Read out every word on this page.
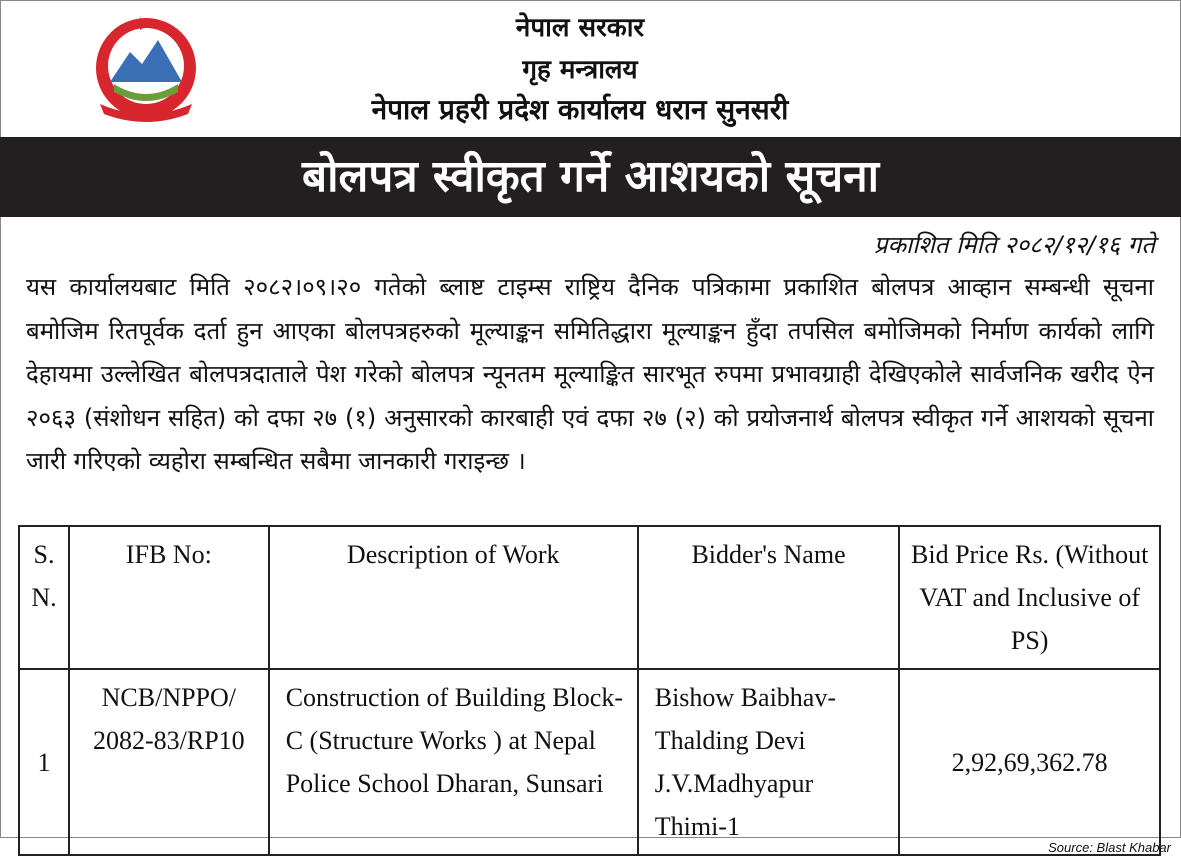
नेपाल सरकार
गृह मन्त्रालय
नेपाल प्रहरी प्रदेश कार्यालय धरान सुनसरी
बोलपत्र स्वीकृत गर्ने आशयको सूचना
प्रकाशित मिति २०८२/१२/१६ गते
यस कार्यालयबाट मिति २०८२।०९।२० गतेको ब्लाष्ट टाइम्स राष्ट्रिय दैनिक पत्रिकामा प्रकाशित बोलपत्र आव्हान सम्बन्धी सूचना बमोजिम रितपूर्वक दर्ता हुन आएका बोलपत्रहरुको मूल्याङ्कन समितिद्धारा मूल्याङ्कन हुँदा तपसिल बमोजिमको निर्माण कार्यको लागि देहायमा उल्लेखित बोलपत्रदाताले पेश गरेको बोलपत्र न्यूनतम मूल्याङ्कित सारभूत रुपमा प्रभावग्राही देखिएकोले सार्वजनिक खरीद ऐन २०६३ (संशोधन सहित) को दफा २७ (१) अनुसारको कारबाही एवं दफा २७ (२) को प्रयोजनार्थ बोलपत्र स्वीकृत गर्ने आशयको सूचना जारी गरिएको व्यहोरा सम्बन्धित सबैमा जानकारी गराइन्छ ।
S. N.	IFB No:	Description of Work	Bidder's Name	Bid Price Rs. (Without VAT and Inclusive of PS)
1	NCB/NPPO/ 2082-83/RP10	Construction of Building Block-C (Structure Works ) at Nepal Police School Dharan, Sunsari	Bishow Baibhav-Thalding Devi J.V.Madhyapur Thimi-1	2,92,69,362.78
Source: Blast Khabar
